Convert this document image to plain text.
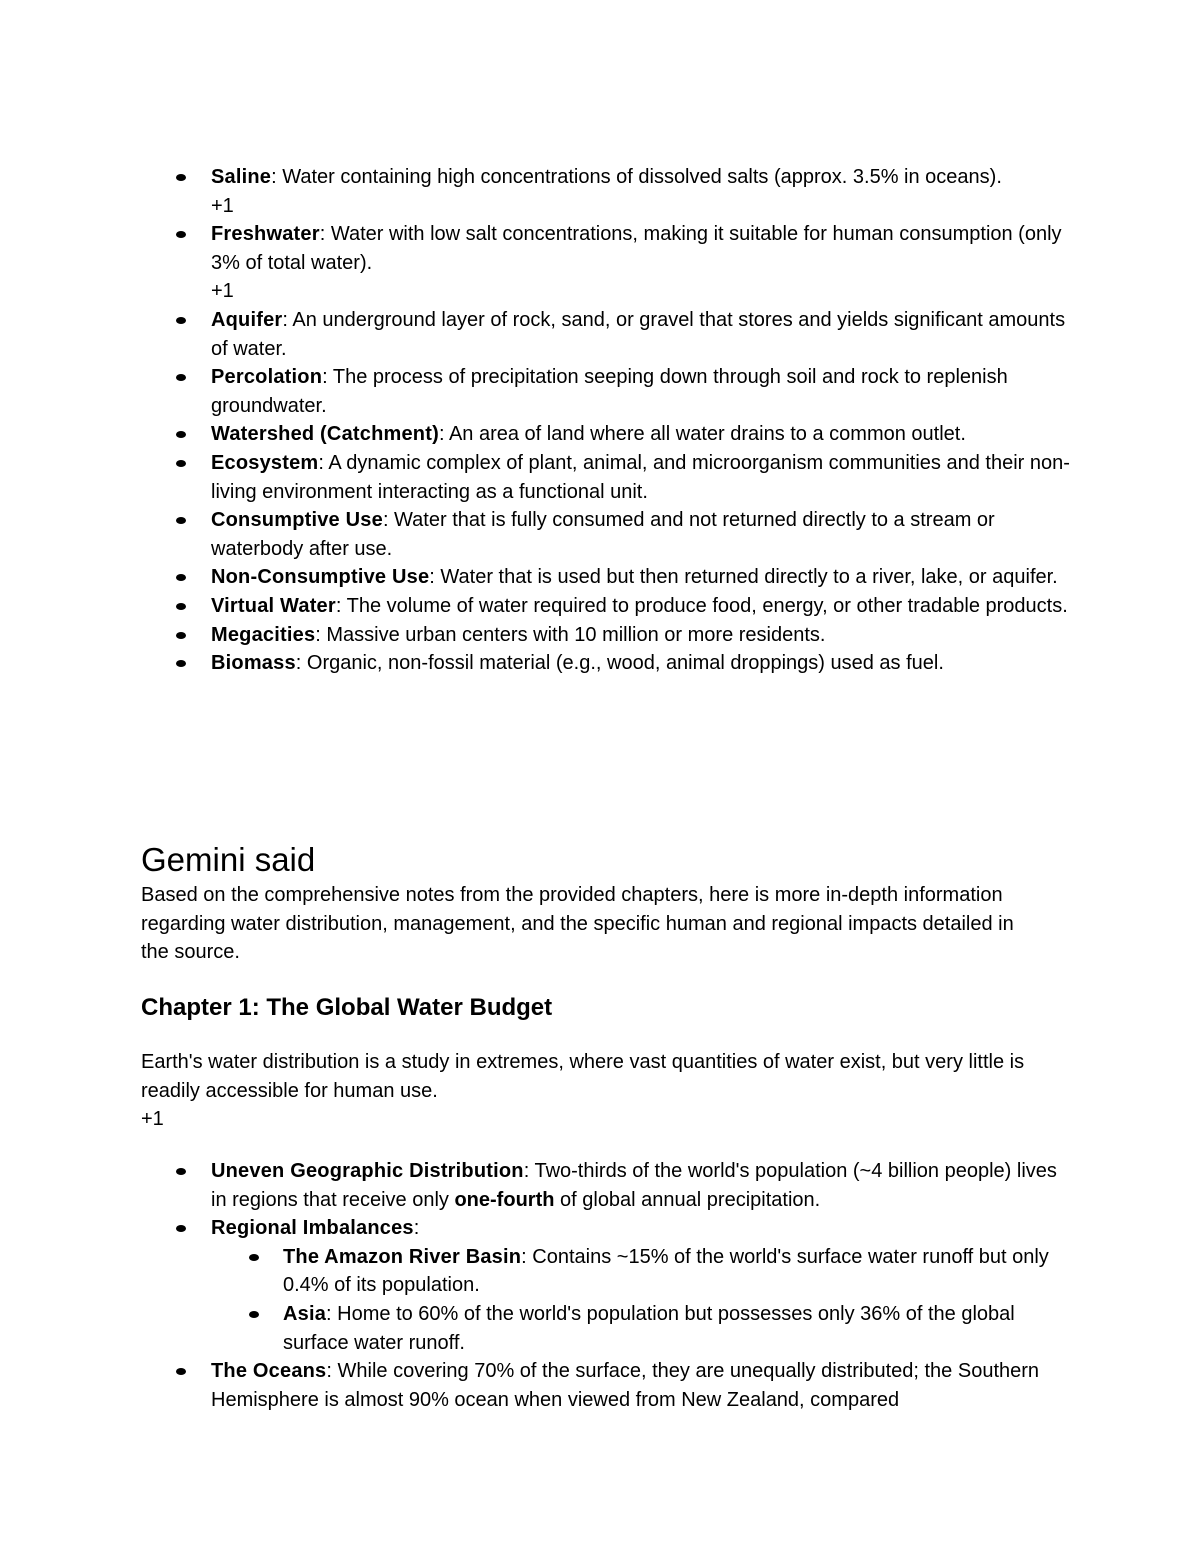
Saline: Water containing high concentrations of dissolved salts (approx. 3.5% in oceans).
+1
Freshwater: Water with low salt concentrations, making it suitable for human consumption (only 3% of total water).
+1
Aquifer: An underground layer of rock, sand, or gravel that stores and yields significant amounts of water.
Percolation: The process of precipitation seeping down through soil and rock to replenish groundwater.
Watershed (Catchment): An area of land where all water drains to a common outlet.
Ecosystem: A dynamic complex of plant, animal, and microorganism communities and their non-living environment interacting as a functional unit.
Consumptive Use: Water that is fully consumed and not returned directly to a stream or waterbody after use.
Non-Consumptive Use: Water that is used but then returned directly to a river, lake, or aquifer.
Virtual Water: The volume of water required to produce food, energy, or other tradable products.
Megacities: Massive urban centers with 10 million or more residents.
Biomass: Organic, non-fossil material (e.g., wood, animal droppings) used as fuel.
Gemini said

Based on the comprehensive notes from the provided chapters, here is more in-depth information regarding water distribution, management, and the specific human and regional impacts detailed in the source.

Chapter 1: The Global Water Budget

Earth's water distribution is a study in extremes, where vast quantities of water exist, but very little is readily accessible for human use.
+1

Uneven Geographic Distribution: Two-thirds of the world's population (~4 billion people) lives in regions that receive only one-fourth of global annual precipitation.
Regional Imbalances:
The Amazon River Basin: Contains ~15% of the world's surface water runoff but only 0.4% of its population.
Asia: Home to 60% of the world's population but possesses only 36% of the global surface water runoff.
The Oceans: While covering 70% of the surface, they are unequally distributed; the Southern Hemisphere is almost 90% ocean when viewed from New Zealand, compared
